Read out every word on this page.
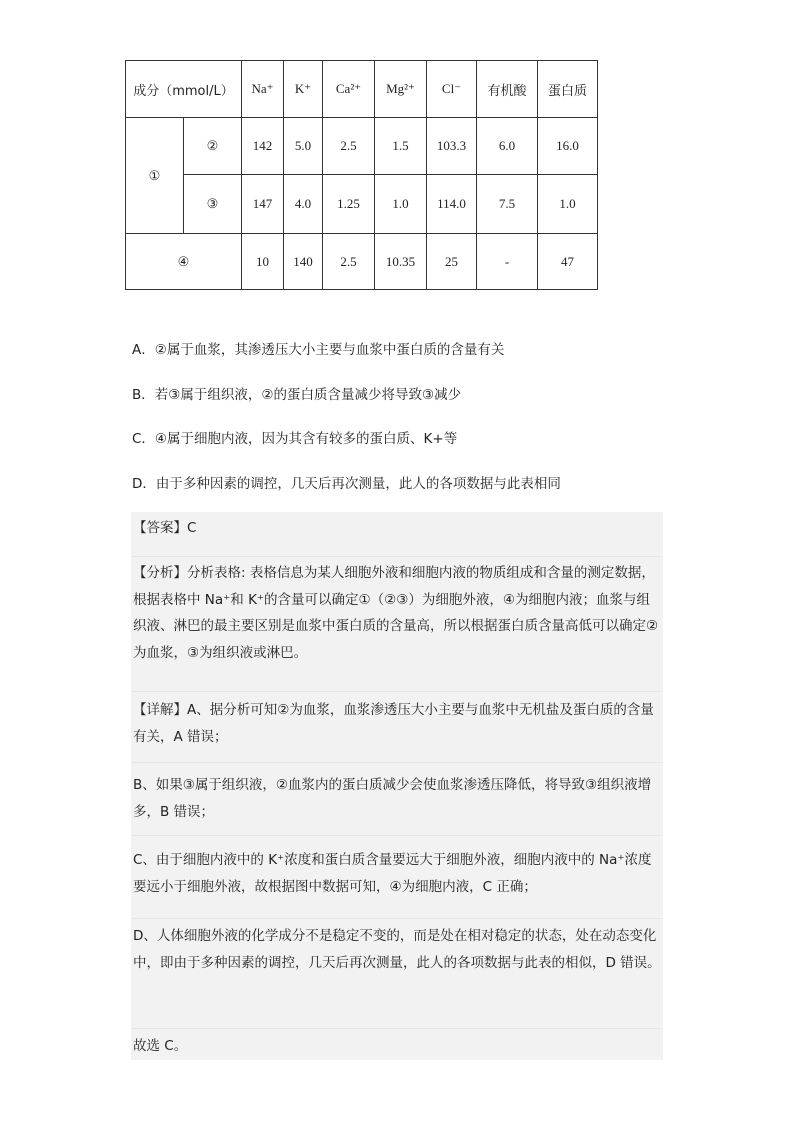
成分（mmol/L）		Na⁺	K⁺	Ca²⁺	Mg²⁺	Cl⁻	有机酸	蛋白质
①	②	142	5.0	2.5	1.5	103.3	6.0	16.0
	③	147	4.0	1.25	1.0	114.0	7.5	1.0
④		10	140	2.5	10.35	25	-	47
A．②属于血浆，其渗透压大小主要与血浆中蛋白质的含量有关
B．若③属于组织液，②的蛋白质含量减少将导致③减少
C．④属于细胞内液，因为其含有较多的蛋白质、K+等
D．由于多种因素的调控，几天后再次测量，此人的各项数据与此表相同
【答案】C
【分析】分析表格: 表格信息为某人细胞外液和细胞内液的物质组成和含量的测定数据，根据表格中 Na⁺和 K⁺的含量可以确定①（②③）为细胞外液，④为细胞内液；血浆与组织液、淋巴的最主要区别是血浆中蛋白质的含量高，所以根据蛋白质含量高低可以确定②为血浆，③为组织液或淋巴。
【详解】A、据分析可知②为血浆，血浆渗透压大小主要与血浆中无机盐及蛋白质的含量有关，A 错误；
B、如果③属于组织液，②血浆内的蛋白质减少会使血浆渗透压降低，将导致③组织液增多，B 错误；
C、由于细胞内液中的 K⁺浓度和蛋白质含量要远大于细胞外液，细胞内液中的 Na⁺浓度要远小于细胞外液，故根据图中数据可知，④为细胞内液，C 正确；
D、人体细胞外液的化学成分不是稳定不变的，而是处在相对稳定的状态，处在动态变化中，即由于多种因素的调控，几天后再次测量，此人的各项数据与此表的相似，D 错误。
故选 C。
